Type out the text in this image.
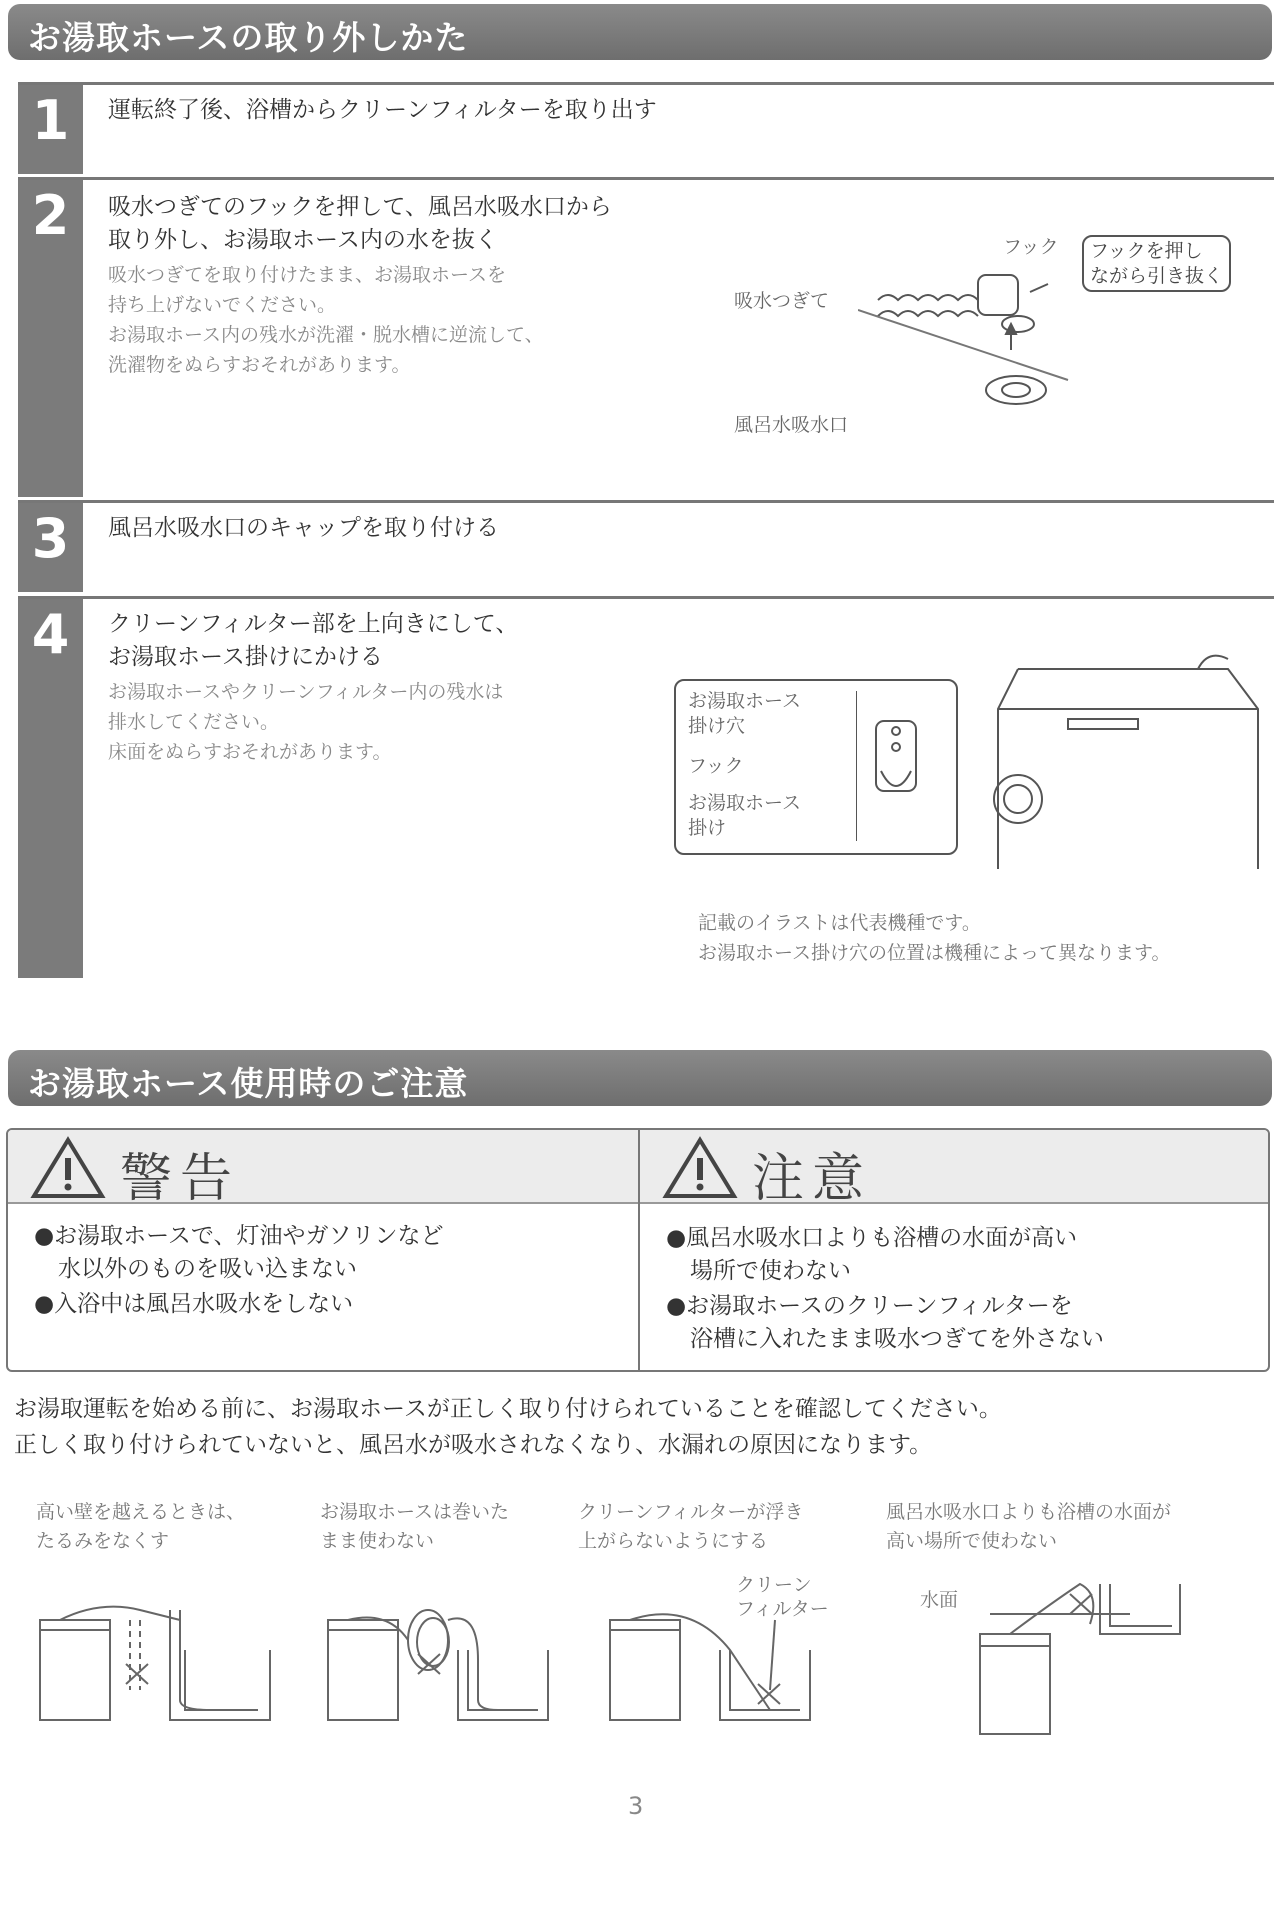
お湯取ホースの取り外しかた
1	運転終了後、浴槽からクリーンフィルターを取り出す
2	吸水つぎてのフックを押して、風呂水吸水口から
取り外し、お湯取ホース内の水を抜く
吸水つぎてを取り付けたまま、お湯取ホースを
持ち上げないでください。
お湯取ホース内の残水が洗濯・脱水槽に逆流して、
洗濯物をぬらすおそれがあります。
フック フックを押し
ながら引き抜く
吸水つぎて
風呂水吸水口
3	風呂水吸水口のキャップを取り付ける
4	クリーンフィルター部を上向きにして、
お湯取ホース掛けにかける
お湯取ホースやクリーンフィルター内の残水は
排水してください。
床面をぬらすおそれがあります。
お湯取ホース
掛け穴
フック
お湯取ホース
掛け
記載のイラストは代表機種です。
お湯取ホース掛け穴の位置は機種によって異なります。
お湯取ホース使用時のご注意
警告
●お湯取ホースで、灯油やガソリンなど
水以外のものを吸い込まない
●入浴中は風呂水吸水をしない
注意
●風呂水吸水口よりも浴槽の水面が高い
場所で使わない
●お湯取ホースのクリーンフィルターを
浴槽に入れたまま吸水つぎてを外さない
お湯取運転を始める前に、お湯取ホースが正しく取り付けられていることを確認してください。
正しく取り付けられていないと、風呂水が吸水されなくなり、水漏れの原因になります。
高い壁を越えるときは、
たるみをなくす
お湯取ホースは巻いた
まま使わない
クリーンフィルターが浮き
上がらないようにする
風呂水吸水口よりも浴槽の水面が
高い場所で使わない
クリーン
フィルター	水面
3
